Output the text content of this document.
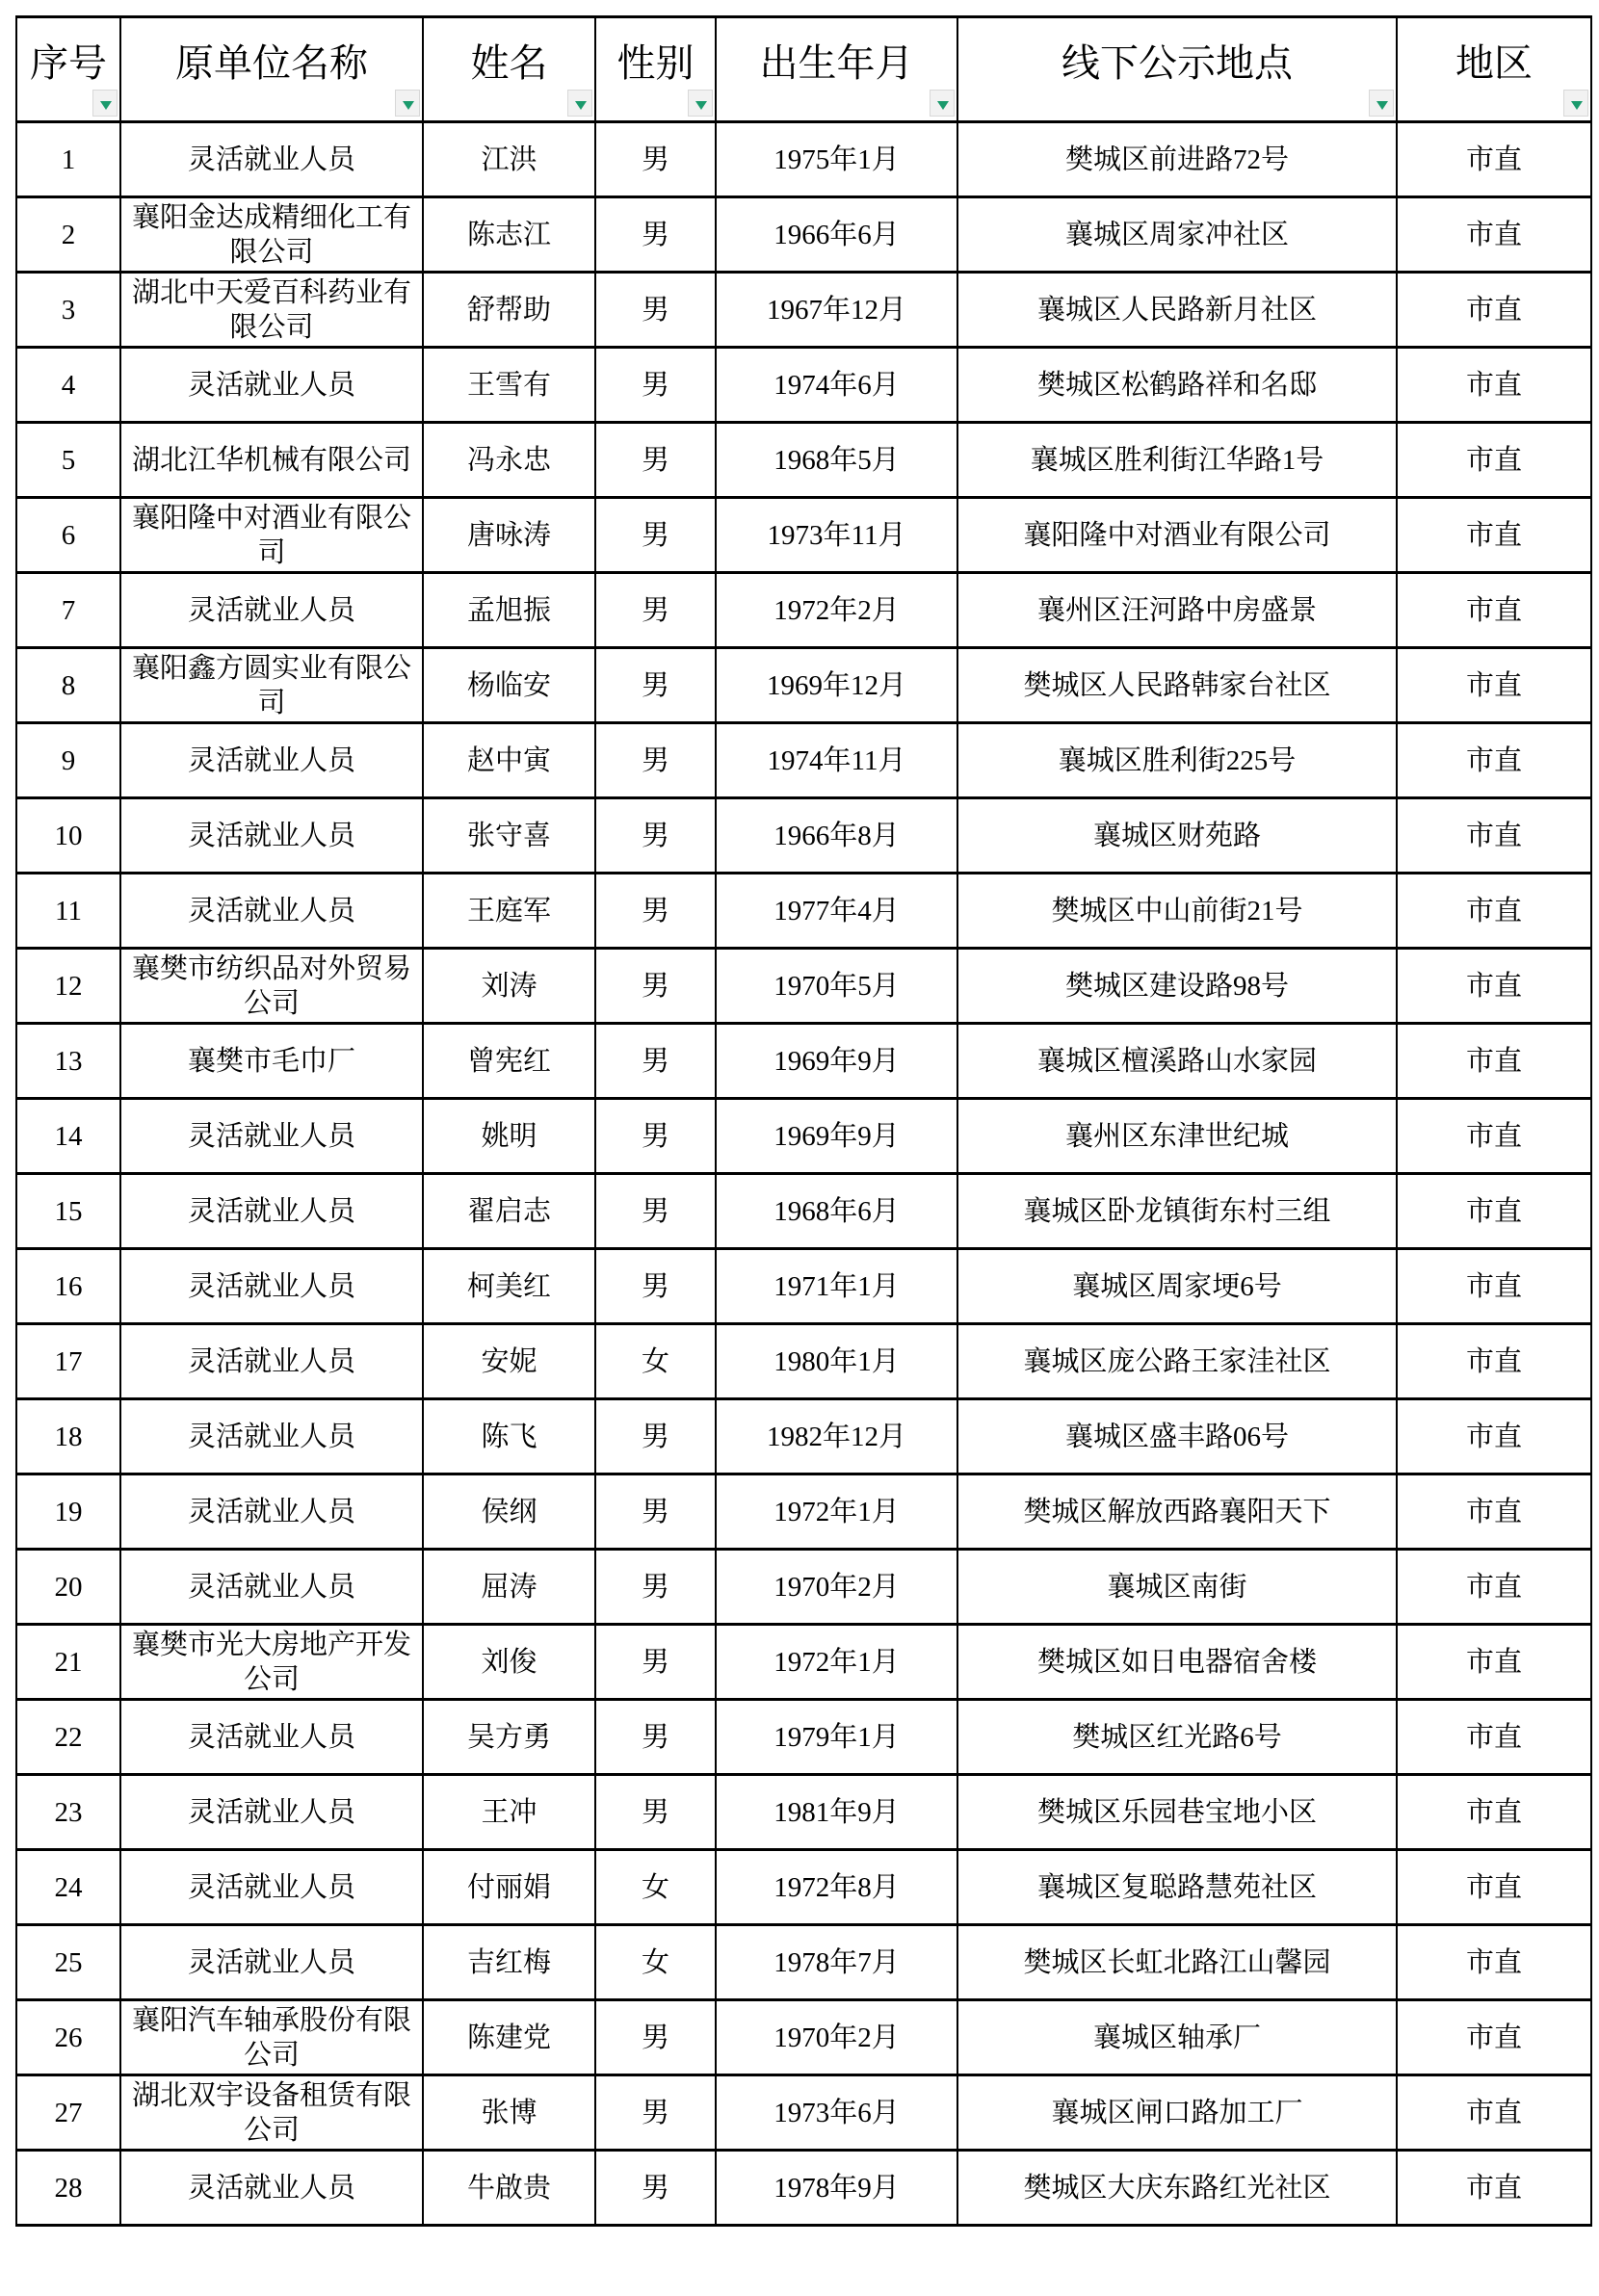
序号	原单位名称	姓名	性别	出生年月	线下公示地点	地区

1	灵活就业人员	江洪	男	1975年1月	樊城区前进路72号	市直
2	襄阳金达成精细化工有限公司	陈志江	男	1966年6月	襄城区周家冲社区	市直
3	湖北中天爱百科药业有限公司	舒帮助	男	1967年12月	襄城区人民路新月社区	市直
4	灵活就业人员	王雪有	男	1974年6月	樊城区松鹤路祥和名邸	市直
5	湖北江华机械有限公司	冯永忠	男	1968年5月	襄城区胜利街江华路1号	市直
6	襄阳隆中对酒业有限公司	唐咏涛	男	1973年11月	襄阳隆中对酒业有限公司	市直
7	灵活就业人员	孟旭振	男	1972年2月	襄州区汪河路中房盛景	市直
8	襄阳鑫方圆实业有限公司	杨临安	男	1969年12月	樊城区人民路韩家台社区	市直
9	灵活就业人员	赵中寅	男	1974年11月	襄城区胜利街225号	市直
10	灵活就业人员	张守喜	男	1966年8月	襄城区财苑路	市直
11	灵活就业人员	王庭军	男	1977年4月	樊城区中山前街21号	市直
12	襄樊市纺织品对外贸易公司	刘涛	男	1970年5月	樊城区建设路98号	市直
13	襄樊市毛巾厂	曾宪红	男	1969年9月	襄城区檀溪路山水家园	市直
14	灵活就业人员	姚明	男	1969年9月	襄州区东津世纪城	市直
15	灵活就业人员	翟启志	男	1968年6月	襄城区卧龙镇街东村三组	市直
16	灵活就业人员	柯美红	男	1971年1月	襄城区周家埂6号	市直
17	灵活就业人员	安妮	女	1980年1月	襄城区庞公路王家洼社区	市直
18	灵活就业人员	陈飞	男	1982年12月	襄城区盛丰路06号	市直
19	灵活就业人员	侯纲	男	1972年1月	樊城区解放西路襄阳天下	市直
20	灵活就业人员	屈涛	男	1970年2月	襄城区南街	市直
21	襄樊市光大房地产开发公司	刘俊	男	1972年1月	樊城区如日电器宿舍楼	市直
22	灵活就业人员	吴方勇	男	1979年1月	樊城区红光路6号	市直
23	灵活就业人员	王冲	男	1981年9月	樊城区乐园巷宝地小区	市直
24	灵活就业人员	付丽娟	女	1972年8月	襄城区复聪路慧苑社区	市直
25	灵活就业人员	吉红梅	女	1978年7月	樊城区长虹北路江山馨园	市直
26	襄阳汽车轴承股份有限公司	陈建党	男	1970年2月	襄城区轴承厂	市直
27	湖北双宇设备租赁有限公司	张博	男	1973年6月	襄城区闸口路加工厂	市直
28	灵活就业人员	牛啟贵	男	1978年9月	樊城区大庆东路红光社区	市直
